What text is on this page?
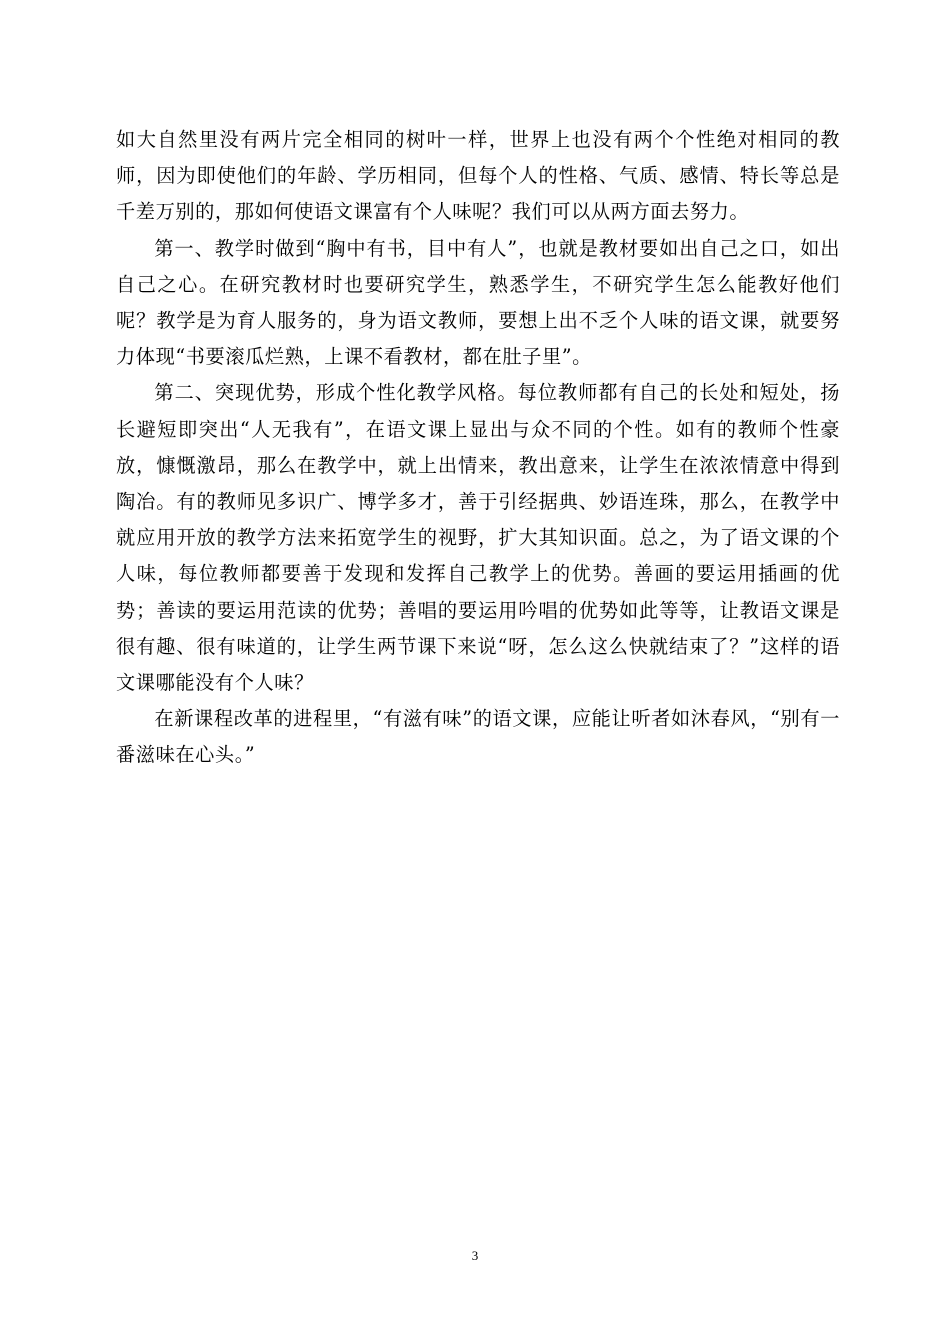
如大自然里没有两片完全相同的树叶一样，世界上也没有两个个性绝对相同的教师，因为即使他们的年龄、学历相同，但每个人的性格、气质、感情、特长等总是千差万别的，那如何使语文课富有个人味呢？我们可以从两方面去努力。

第一、教学时做到“胸中有书，目中有人”，也就是教材要如出自己之口，如出自己之心。在研究教材时也要研究学生，熟悉学生，不研究学生怎么能教好他们呢？教学是为育人服务的，身为语文教师，要想上出不乏个人味的语文课，就要努力体现“书要滚瓜烂熟，上课不看教材，都在肚子里”。

第二、突现优势，形成个性化教学风格。每位教师都有自己的长处和短处，扬长避短即突出“人无我有”，在语文课上显出与众不同的个性。如有的教师个性豪放，慷慨激昂，那么在教学中，就上出情来，教出意来，让学生在浓浓情意中得到陶冶。有的教师见多识广、博学多才，善于引经据典、妙语连珠，那么，在教学中就应用开放的教学方法来拓宽学生的视野，扩大其知识面。总之，为了语文课的个人味，每位教师都要善于发现和发挥自己教学上的优势。善画的要运用插画的优势；善读的要运用范读的优势；善唱的要运用吟唱的优势如此等等，让教语文课是很有趣、很有味道的，让学生两节课下来说“呀，怎么这么快就结束了？”这样的语文课哪能没有个人味？

在新课程改革的进程里，“有滋有味”的语文课，应能让听者如沐春风，“别有一番滋味在心头。”

3
